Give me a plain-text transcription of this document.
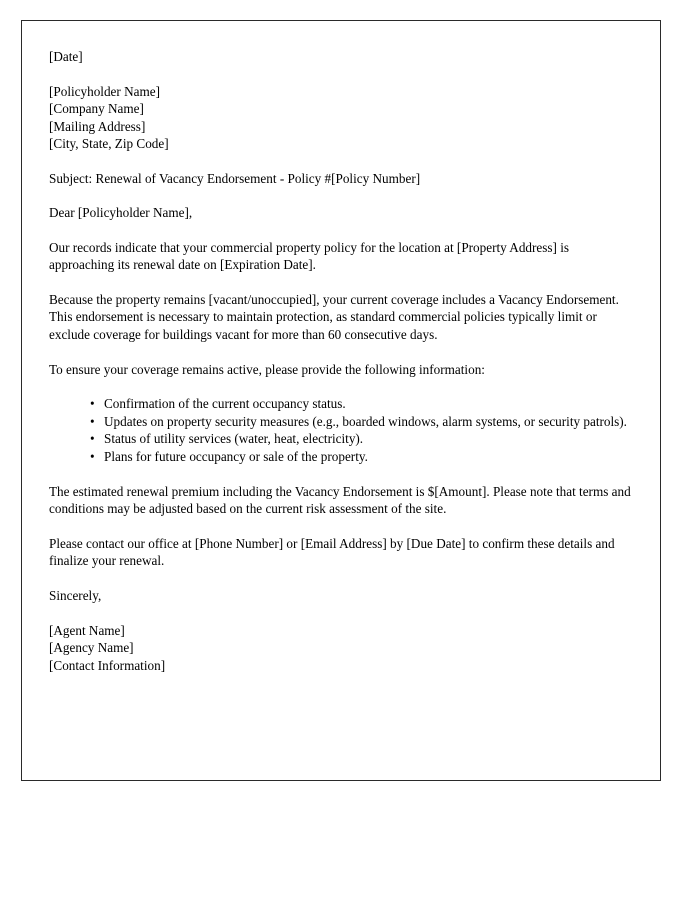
[Date]
[Policyholder Name]
[Company Name]
[Mailing Address]
[City, State, Zip Code]

Subject: Renewal of Vacancy Endorsement - Policy #[Policy Number]

Dear [Policyholder Name],

Our records indicate that your commercial property policy for the location at [Property Address] is approaching its renewal date on [Expiration Date].

Because the property remains [vacant/unoccupied], your current coverage includes a Vacancy Endorsement. This endorsement is necessary to maintain protection, as standard commercial policies typically limit or exclude coverage for buildings vacant for more than 60 consecutive days.

To ensure your coverage remains active, please provide the following information:

• Confirmation of the current occupancy status.
• Updates on property security measures (e.g., boarded windows, alarm systems, or security patrols).
• Status of utility services (water, heat, electricity).
• Plans for future occupancy or sale of the property.

The estimated renewal premium including the Vacancy Endorsement is $[Amount]. Please note that terms and conditions may be adjusted based on the current risk assessment of the site.

Please contact our office at [Phone Number] or [Email Address] by [Due Date] to confirm these details and finalize your renewal.

Sincerely,
[Agent Name]
[Agency Name]
[Contact Information]
